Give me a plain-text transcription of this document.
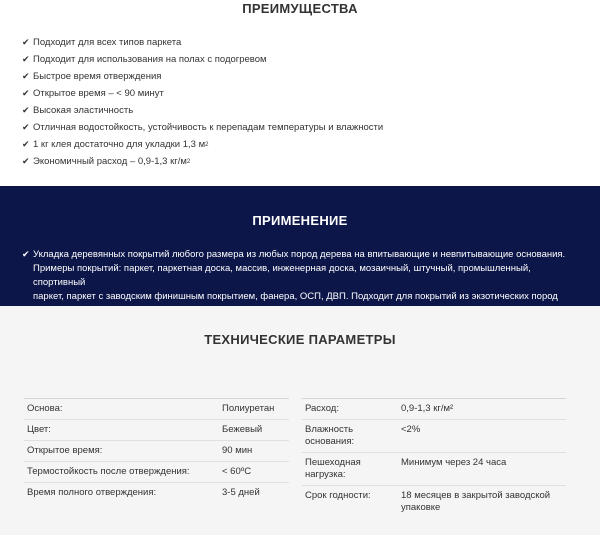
ПРЕИМУЩЕСТВА
✔ Подходит для всех типов паркета
✔ Подходит для использования на полах с подогревом
✔ Быстрое время отверждения
✔ Открытое время – < 90 минут
✔ Высокая эластичность
✔ Отличная водостойкость, устойчивость к перепадам температуры и влажности
✔ 1 кг клея достаточно для укладки 1,3 м 2
✔ Экономичный расход – 0,9-1,3 кг/м 2
ПРИМЕНЕНИЕ
✔ Укладка деревянных покрытий любого размера из любых пород дерева на впитывающие и невпитывающие основания.
Примеры покрытий: паркет, паркетная доска, массив, инженерная доска, мозаичный, штучный, промышленный, спортивный
паркет, паркет с заводским финишным покрытием, фанера, ОСП, ДВП. Подходит для покрытий из экзотических пород
ТЕХНИЧЕСКИЕ ПАРАМЕТРЫ
Основа:	Полиуретан
Цвет:	Бежевый
Открытое время:	90 мин
Термостойкость после отверждения:	< 60ºС
Время полного отверждения:	3-5 дней
Расход:	0,9-1,3 кг/м²
Влажность основания:	<2%
Пешеходная нагрузка:	Минимум через 24 часа
Срок годности:	18 месяцев в закрытой заводской упаковке
